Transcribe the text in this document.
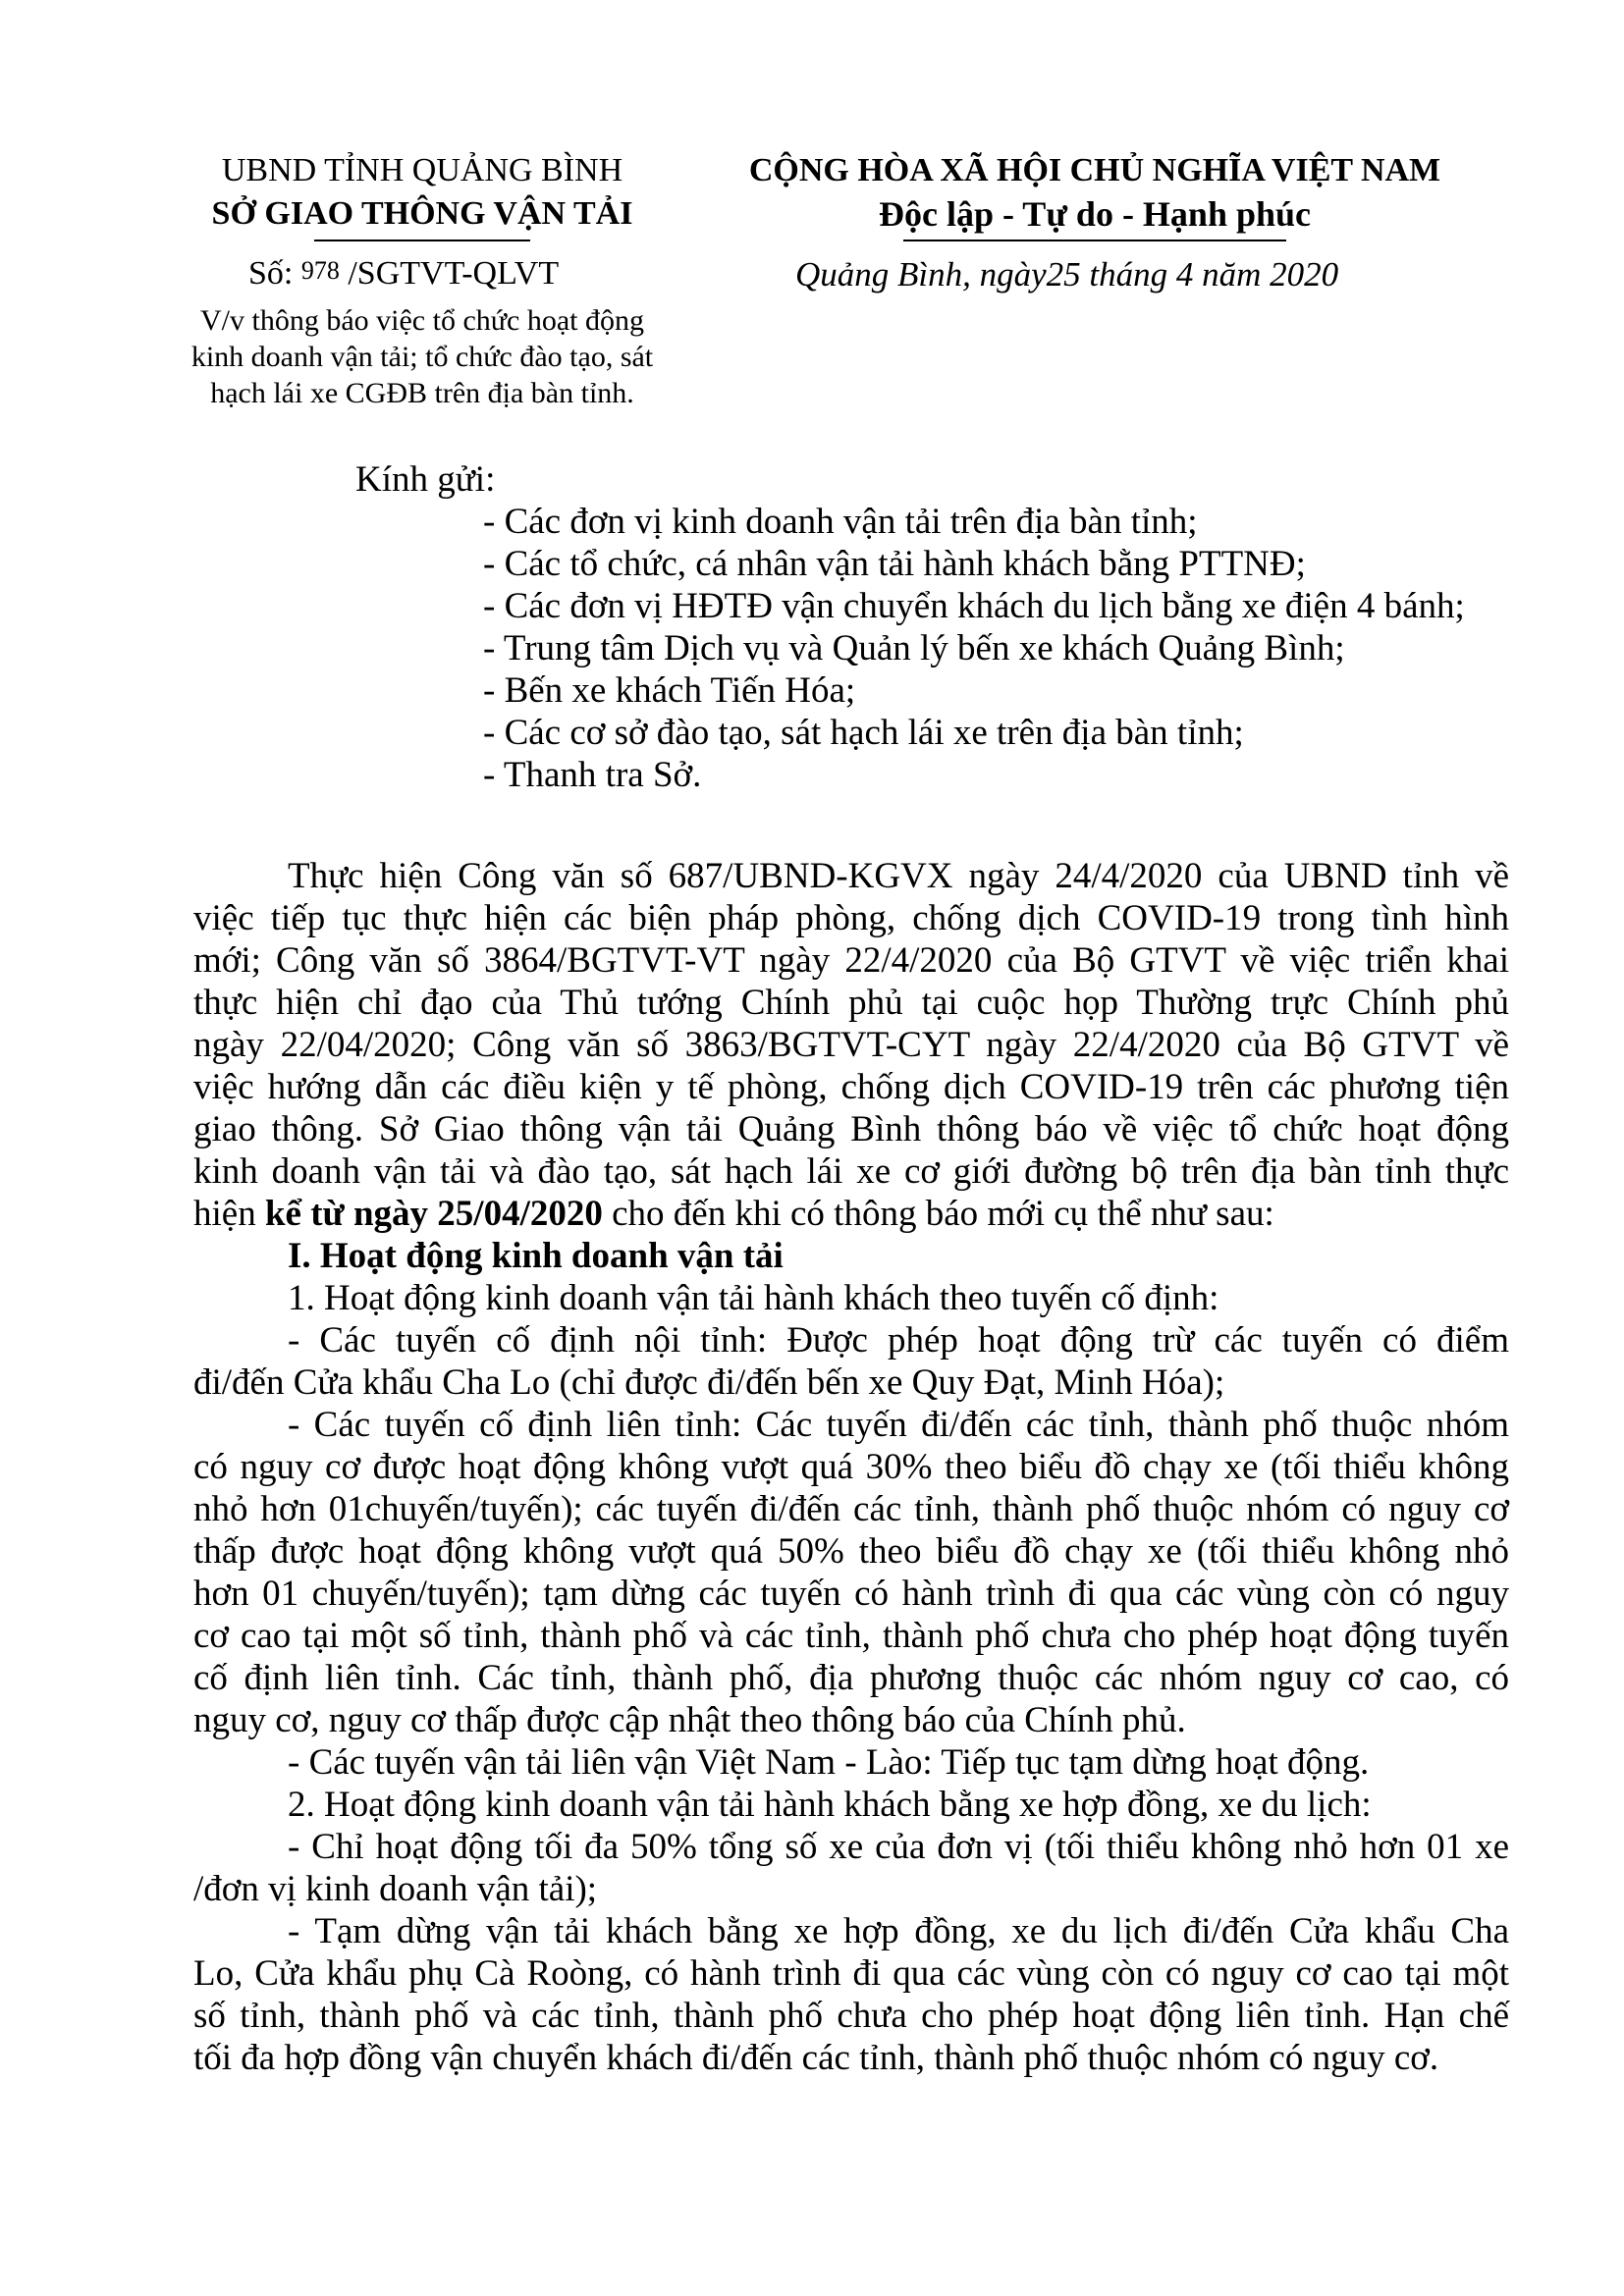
UBND TỈNH QUẢNG BÌNH
SỞ GIAO THÔNG VẬN TẢI
Số: 978 /SGTVT-QLVT
V/v thông báo việc tổ chức hoạt động
kinh doanh vận tải; tổ chức đào tạo, sát
hạch lái xe CGĐB trên địa bàn tỉnh.
CỘNG HÒA XÃ HỘI CHỦ NGHĨA VIỆT NAM
Độc lập - Tự do - Hạnh phúc
Quảng Bình, ngày25 tháng 4 năm 2020
Kính gửi:
- Các đơn vị kinh doanh vận tải trên địa bàn tỉnh;
- Các tổ chức, cá nhân vận tải hành khách bằng PTTNĐ;
- Các đơn vị HĐTĐ vận chuyển khách du lịch bằng xe điện 4 bánh;
- Trung tâm Dịch vụ và Quản lý bến xe khách Quảng Bình;
- Bến xe khách Tiến Hóa;
- Các cơ sở đào tạo, sát hạch lái xe trên địa bàn tỉnh;
- Thanh tra Sở.
Thực hiện Công văn số 687/UBND-KGVX ngày 24/4/2020 của UBND tỉnh về
việc tiếp tục thực hiện các biện pháp phòng, chống dịch COVID-19 trong tình hình
mới; Công văn số 3864/BGTVT-VT ngày 22/4/2020 của Bộ GTVT về việc triển khai
thực hiện chỉ đạo của Thủ tướng Chính phủ tại cuộc họp Thường trực Chính phủ
ngày 22/04/2020; Công văn số 3863/BGTVT-CYT ngày 22/4/2020 của Bộ GTVT về
việc hướng dẫn các điều kiện y tế phòng, chống dịch COVID-19 trên các phương tiện
giao thông. Sở Giao thông vận tải Quảng Bình thông báo về việc tổ chức hoạt động
kinh doanh vận tải và đào tạo, sát hạch lái xe cơ giới đường bộ trên địa bàn tỉnh thực
hiện kể từ ngày 25/04/2020 cho đến khi có thông báo mới cụ thể như sau:
I. Hoạt động kinh doanh vận tải
1. Hoạt động kinh doanh vận tải hành khách theo tuyến cố định:
- Các tuyến cố định nội tỉnh: Được phép hoạt động trừ các tuyến có điểm
đi/đến Cửa khẩu Cha Lo (chỉ được đi/đến bến xe Quy Đạt, Minh Hóa);
- Các tuyến cố định liên tỉnh: Các tuyến đi/đến các tỉnh, thành phố thuộc nhóm
có nguy cơ được hoạt động không vượt quá 30% theo biểu đồ chạy xe (tối thiểu không
nhỏ hơn 01chuyến/tuyến); các tuyến đi/đến các tỉnh, thành phố thuộc nhóm có nguy cơ
thấp được hoạt động không vượt quá 50% theo biểu đồ chạy xe (tối thiểu không nhỏ
hơn 01 chuyến/tuyến); tạm dừng các tuyến có hành trình đi qua các vùng còn có nguy
cơ cao tại một số tỉnh, thành phố và các tỉnh, thành phố chưa cho phép hoạt động tuyến
cố định liên tỉnh. Các tỉnh, thành phố, địa phương thuộc các nhóm nguy cơ cao, có
nguy cơ, nguy cơ thấp được cập nhật theo thông báo của Chính phủ.
- Các tuyến vận tải liên vận Việt Nam - Lào: Tiếp tục tạm dừng hoạt động.
2. Hoạt động kinh doanh vận tải hành khách bằng xe hợp đồng, xe du lịch:
- Chỉ hoạt động tối đa 50% tổng số xe của đơn vị (tối thiểu không nhỏ hơn 01 xe
/đơn vị kinh doanh vận tải);
- Tạm dừng vận tải khách bằng xe hợp đồng, xe du lịch đi/đến Cửa khẩu Cha
Lo, Cửa khẩu phụ Cà Roòng, có hành trình đi qua các vùng còn có nguy cơ cao tại một
số tỉnh, thành phố và các tỉnh, thành phố chưa cho phép hoạt động liên tỉnh. Hạn chế
tối đa hợp đồng vận chuyển khách đi/đến các tỉnh, thành phố thuộc nhóm có nguy cơ.
